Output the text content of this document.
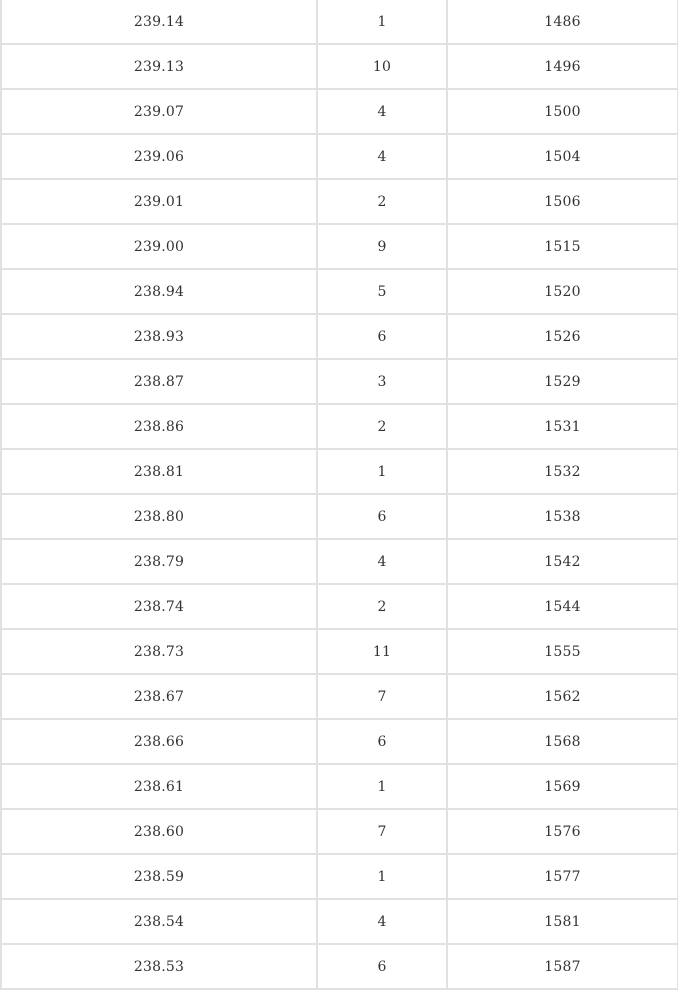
239.14	1	1486
239.13	10	1496
239.07	4	1500
239.06	4	1504
239.01	2	1506
239.00	9	1515
238.94	5	1520
238.93	6	1526
238.87	3	1529
238.86	2	1531
238.81	1	1532
238.80	6	1538
238.79	4	1542
238.74	2	1544
238.73	11	1555
238.67	7	1562
238.66	6	1568
238.61	1	1569
238.60	7	1576
238.59	1	1577
238.54	4	1581
238.53	6	1587
